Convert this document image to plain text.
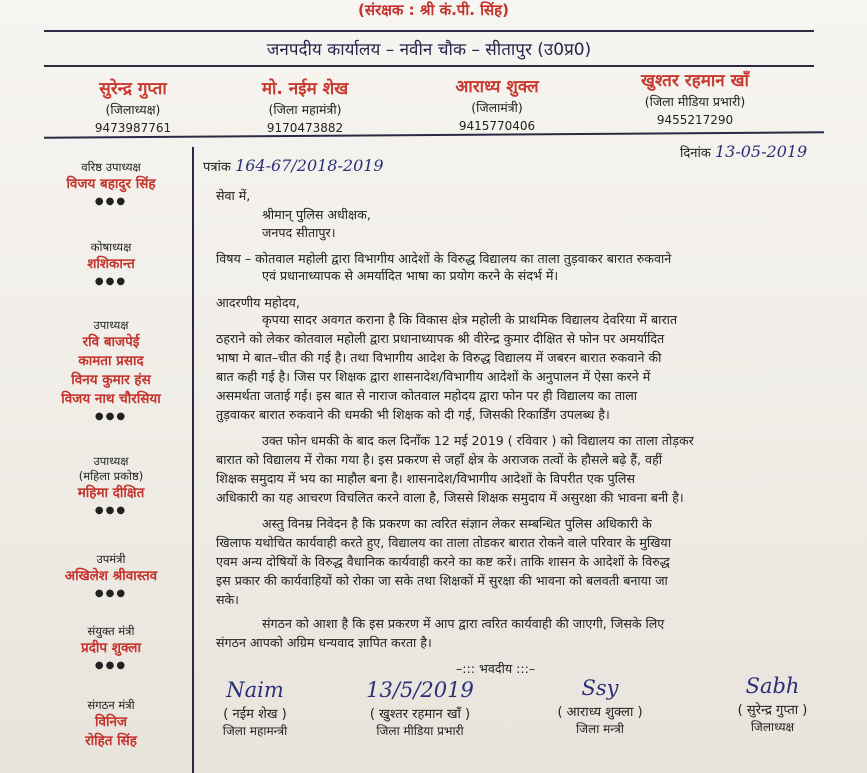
(संरक्षक : श्री कं.पी. सिंह)
जनपदीय कार्यालय – नवीन चौक – सीतापुर (उ0प्र0)
सुरेन्द्र गुप्ता
(जिलाध्यक्ष)
9473987761
मो. नईम शेख
(जिला महामंत्री)
9170473882
आराध्य शुक्ल
(जिलामंत्री)
9415770406
खुश्तर रहमान खाँ
(जिला मीडिया प्रभारी)
9455217290
वरिष्ठ उपाध्यक्ष
विजय बहादुर सिंह
●●●
कोषाध्यक्ष
शशिकान्त
●●●
उपाध्यक्ष
रवि बाजपेई
कामता प्रसाद
विनय कुमार हंस
विजय नाथ चौरसिया
●●●
उपाध्यक्ष
(महिला प्रकोष्ठ)
महिमा दीक्षित
●●●
उपमंत्री
अखिलेश श्रीवास्तव
●●●
संयुक्त मंत्री
प्रदीप शुक्ला
●●●
संगठन मंत्री
विनिज
रोहित सिंह
पत्रांक 164-67/2018-2019
दिनांक 13-05-2019
सेवा में,
श्रीमान् पुलिस अधीक्षक,
जनपद सीतापुर।
विषय – कोतवाल महोली द्वारा विभागीय आदेशों के विरुद्ध विद्यालय का ताला तुड़वाकर बारात रुकवाने
एवं प्रधानाध्यापक से अमर्यादित भाषा का प्रयोग करने के संदर्भ में।
आदरणीय महोदय,
कृपया सादर अवगत कराना है कि विकास क्षेत्र महोली के प्राथमिक विद्यालय देवरिया में बारात
ठहराने को लेकर कोतवाल महोली द्वारा प्रधानाध्यापक श्री वीरेन्द्र कुमार दीक्षित से फोन पर अमर्यादित
भाषा मे बात–चीत की गई है। तथा विभागीय आदेश के विरुद्ध विद्यालय में जबरन बारात रुकवाने की
बात कही गई है। जिस पर शिक्षक द्वारा शासनादेश/विभागीय आदेशों के अनुपालन में ऐसा करने में
असमर्थता जताई गई। इस बात से नाराज कोतवाल महोदय द्वारा फोन पर ही विद्यालय का ताला
तुड़वाकर बारात रुकवाने की धमकी भी शिक्षक को दी गई, जिसकी रिकार्डिंग उपलब्ध है।
उक्त फोन धमकी के बाद कल दिनाँक 12 मई 2019 ( रविवार ) को विद्यालय का ताला तोड़कर
बारात को विद्यालय में रोका गया है। इस प्रकरण से जहाँ क्षेत्र के अराजक तत्वों के हौसले बढ़े हैं, वहीं
शिक्षक समुदाय में भय का माहौल बना है। शासनादेश/विभागीय आदेशों के विपरीत एक पुलिस
अधिकारी का यह आचरण विचलित करने वाला है, जिससे शिक्षक समुदाय में असुरक्षा की भावना बनी है।
अस्तु विनम्र निवेदन है कि प्रकरण का त्वरित संज्ञान लेकर सम्बन्धित पुलिस अधिकारी के
खिलाफ यथोचित कार्यवाही करते हुए, विद्यालय का ताला तोडकर बारात रोकने वाले परिवार के मुखिया
एवम अन्य दोषियों के विरुद्ध वैधानिक कार्यवाही करने का कष्ट करें। ताकि शासन के आदेशों के विरुद्ध
इस प्रकार की कार्यवाहियों को रोका जा सके तथा शिक्षकों में सुरक्षा की भावना को बलवती बनाया जा
सके।
संगठन को आशा है कि इस प्रकरण में आप द्वारा त्वरित कार्यवाही की जाएगी, जिसके लिए
संगठन आपको अग्रिम धन्यवाद ज्ञापित करता है।
–::: भवदीय :::–
Naim
( नईम शेख )
जिला महामन्त्री
13/5/2019
( खुश्तर रहमान खाँ )
जिला मीडिया प्रभारी
Ssy
( आराध्य शुक्ला )
जिला मन्त्री
Sabh
( सुरेन्द्र गुप्ता )
जिलाध्यक्ष
